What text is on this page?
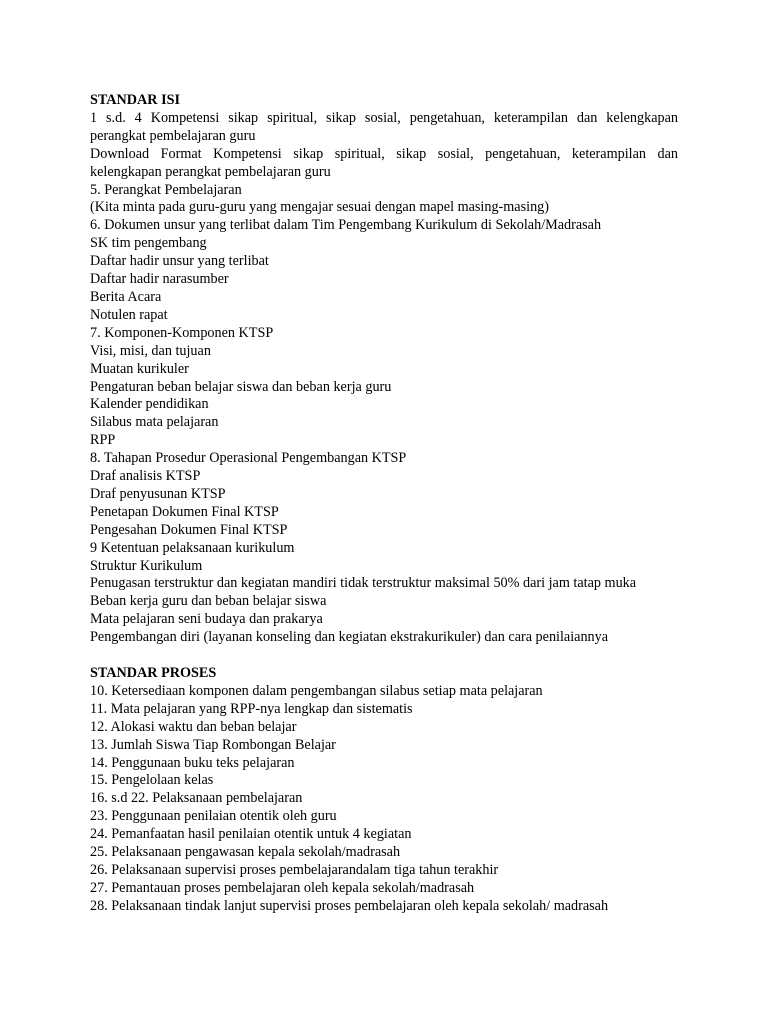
STANDAR ISI
1 s.d. 4 Kompetensi sikap spiritual, sikap sosial, pengetahuan, keterampilan dan kelengkapan
perangkat pembelajaran guru
Download Format Kompetensi sikap spiritual, sikap sosial, pengetahuan, keterampilan dan
kelengkapan perangkat pembelajaran guru
5. Perangkat Pembelajaran
(Kita minta pada guru-guru yang mengajar sesuai dengan mapel masing-masing)
6. Dokumen unsur yang terlibat dalam Tim Pengembang Kurikulum di Sekolah/Madrasah
SK tim pengembang
Daftar hadir unsur yang terlibat
Daftar hadir narasumber
Berita Acara
Notulen rapat
7. Komponen-Komponen KTSP
Visi, misi, dan tujuan
Muatan kurikuler
Pengaturan beban belajar siswa dan beban kerja guru
Kalender pendidikan
Silabus mata pelajaran
RPP
8. Tahapan Prosedur Operasional Pengembangan KTSP
Draf analisis KTSP
Draf penyusunan KTSP
Penetapan Dokumen Final KTSP
Pengesahan Dokumen Final KTSP
9 Ketentuan pelaksanaan kurikulum
Struktur Kurikulum
Penugasan terstruktur dan kegiatan mandiri tidak terstruktur maksimal 50% dari jam tatap muka
Beban kerja guru dan beban belajar siswa
Mata pelajaran seni budaya dan prakarya
Pengembangan diri (layanan konseling dan kegiatan ekstrakurikuler) dan cara penilaiannya
STANDAR PROSES
10. Ketersediaan komponen dalam pengembangan silabus setiap mata pelajaran
11. Mata pelajaran yang RPP-nya lengkap dan sistematis
12. Alokasi waktu dan beban belajar
13. Jumlah Siswa Tiap Rombongan Belajar
14. Penggunaan buku teks pelajaran
15. Pengelolaan kelas
16. s.d 22. Pelaksanaan pembelajaran
23. Penggunaan penilaian otentik oleh guru
24. Pemanfaatan hasil penilaian otentik untuk 4 kegiatan
25. Pelaksanaan pengawasan kepala sekolah/madrasah
26. Pelaksanaan supervisi proses pembelajarandalam tiga tahun terakhir
27. Pemantauan proses pembelajaran oleh kepala sekolah/madrasah
28. Pelaksanaan tindak lanjut supervisi proses pembelajaran oleh kepala sekolah/ madrasah
